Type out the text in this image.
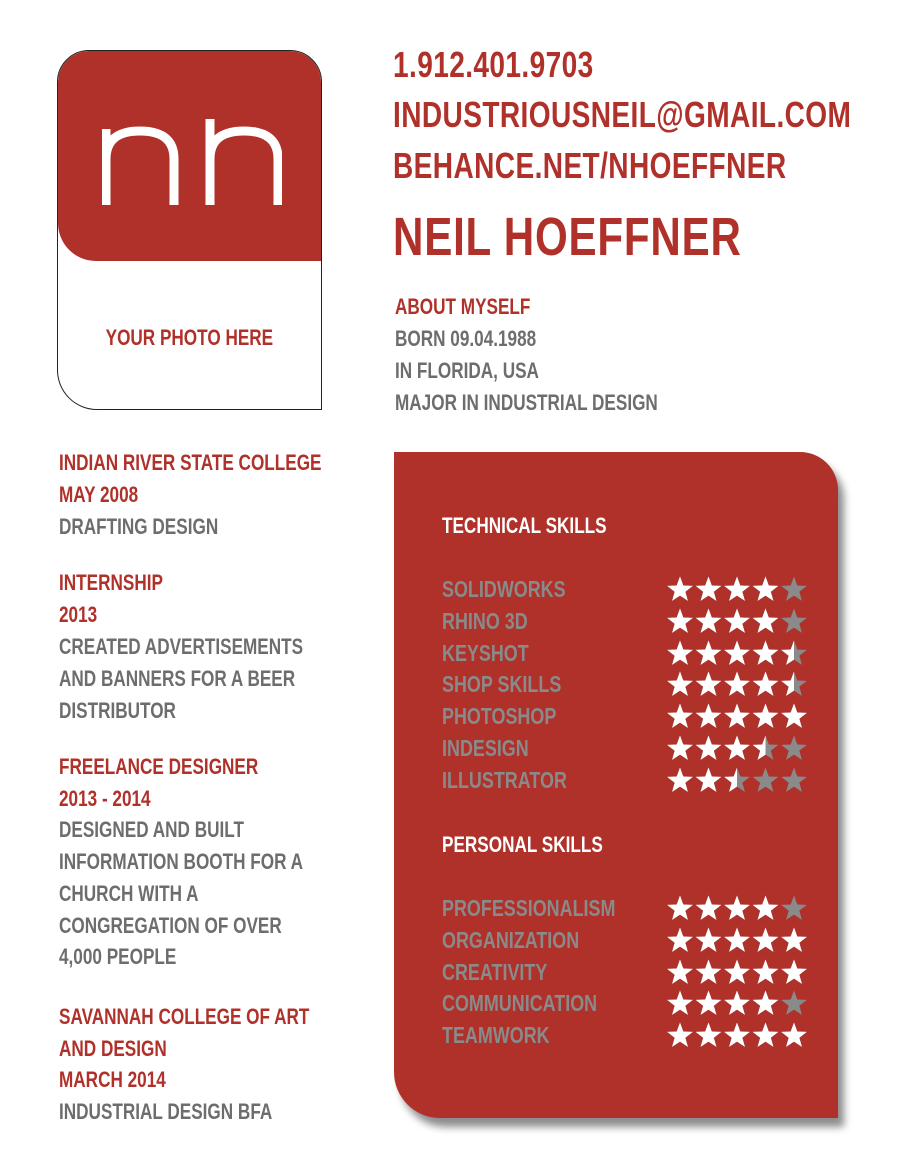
YOUR PHOTO HERE
1.912.401.9703
INDUSTRIOUSNEIL@GMAIL.COM
BEHANCE.NET/NHOEFFNER
NEIL HOEFFNER
ABOUT MYSELF
BORN 09.04.1988
IN FLORIDA, USA
MAJOR IN INDUSTRIAL DESIGN
INDIAN RIVER STATE COLLEGE
MAY 2008
DRAFTING DESIGN
INTERNSHIP
2013
CREATED ADVERTISEMENTS
AND BANNERS FOR A BEER
DISTRIBUTOR
FREELANCE DESIGNER
2013 - 2014
DESIGNED AND BUILT
INFORMATION BOOTH FOR A
CHURCH WITH A
CONGREGATION OF OVER
4,000 PEOPLE
SAVANNAH COLLEGE OF ART
AND DESIGN
MARCH 2014
INDUSTRIAL DESIGN BFA
TECHNICAL SKILLS
SOLIDWORKS
RHINO 3D
KEYSHOT
SHOP SKILLS
PHOTOSHOP
INDESIGN
ILLUSTRATOR
PERSONAL SKILLS
PROFESSIONALISM
ORGANIZATION
CREATIVITY
COMMUNICATION
TEAMWORK
